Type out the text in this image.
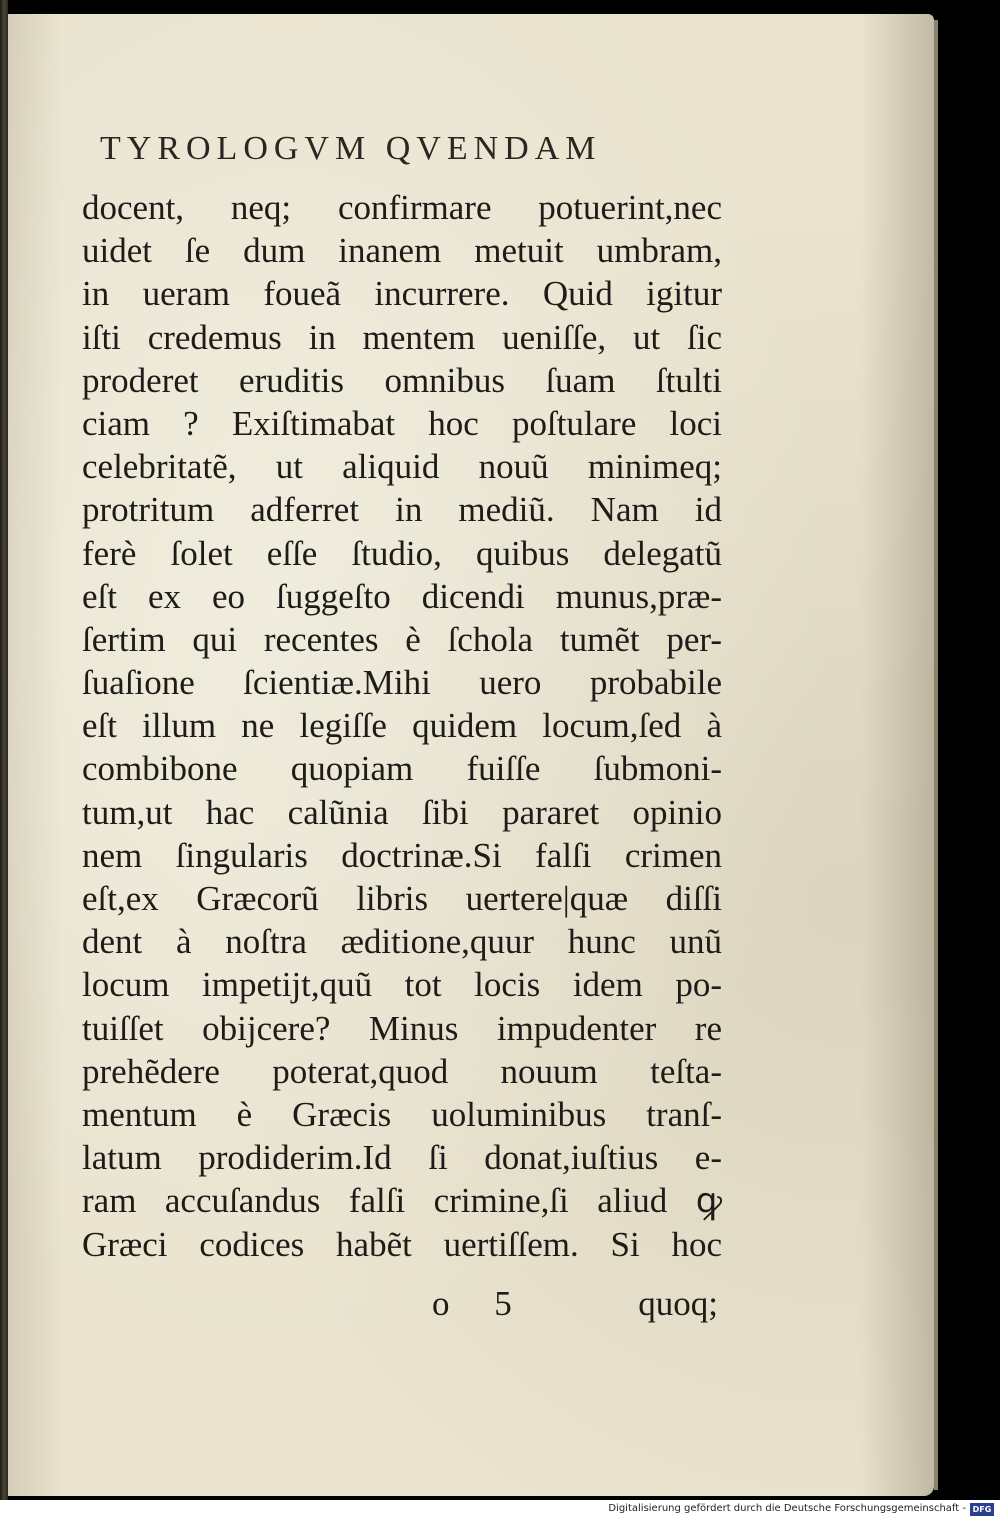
TYROLOGVM QVENDAM
docent, neq; confirmare potuerint,nec
uidet ſe dum inanem metuit umbram,
in ueram foueã incurrere. Quid igitur
iſti credemus in mentem ueniſſe, ut ſic
proderet eruditis omnibus ſuam ſtulti
ciam ? Exiſtimabat hoc poſtulare loci
celebritatẽ, ut aliquid nouũ minimeq;
protritum adferret in mediũ. Nam id
ferè ſolet eſſe ſtudio, quibus delegatũ
eſt ex eo ſuggeſto dicendi munus,præ-
ſertim qui recentes è ſchola tumẽt per-
ſuaſione ſcientiæ.Mihi uero probabile
eſt illum ne legiſſe quidem locum,ſed à
combibone quopiam fuiſſe ſubmoni-
tum,ut hac calũnia ſibi pararet opinio
nem ſingularis doctrinæ.Si falſi crimen
eſt,ex Græcorũ libris uertere|quæ diſſi
dent à noſtra æditione,quur hunc unũ
locum impetijt,quũ tot locis idem po-
tuiſſet obijcere? Minus impudenter re
prehẽdere poterat,quod nouum teſta-
mentum è Græcis uoluminibus tranſ-
latum prodiderim.Id ſi donat,iuſtius e-
ram accuſandus falſi crimine,ſi aliud ꝙ
Græci codices habẽt uertiſſem. Si hoc
o 5	quoq;
Digitalisierung gefördert durch die Deutsche Forschungsgemeinschaft - DFG
